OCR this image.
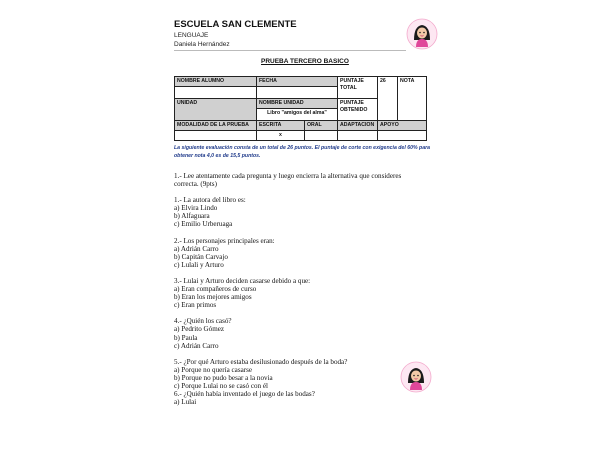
ESCUELA SAN CLEMENTE
LENGUAJE
Daniela Hernández
PRUEBA TERCERO BASICO
NOMBRE ALUMNO	FECHA		PUNTAJE TOTAL	26	NOTA

UNIDAD	NOMBRE UNIDAD		PUNTAJE OBTENIDO		
	Libro "amigos del alma"				
MODALIDAD DE LA PRUEBA	ESCRITA	ORAL	ADAPTACION	APOYO	
	x				
La siguiente evaluación consta de un total de 26 puntos. El puntaje de corte con exigencia del 60% para obtener nota 4,0 es de 15,5 puntos.
1.- Lee atentamente cada pregunta y luego encierra la alternativa que consideres
correcta. (9pts)
1.- La autora del libro es:
a) Elvira Lindo
b) Alfaguara
c) Emilio Urberuaga
2.- Los personajes principales eran:
a) Adrián Carro
b) Capitán Carvajo
c) Lulali y Arturo
3.- Lulai y Arturo deciden casarse debido a que:
a) Eran compañeros de curso
b) Eran los mejores amigos
c) Eran primos
4.- ¿Quién los casó?
a) Pedrito Gómez
b) Paula
c) Adrián Carro
5.- ¿Por qué Arturo estaba desilusionado después de la boda?
a) Porque no quería casarse
b) Porque no pudo besar a la novia
c) Porque Lulai no se casó con él
6.- ¿Quién había inventado el juego de las bodas?
a) Lulai
